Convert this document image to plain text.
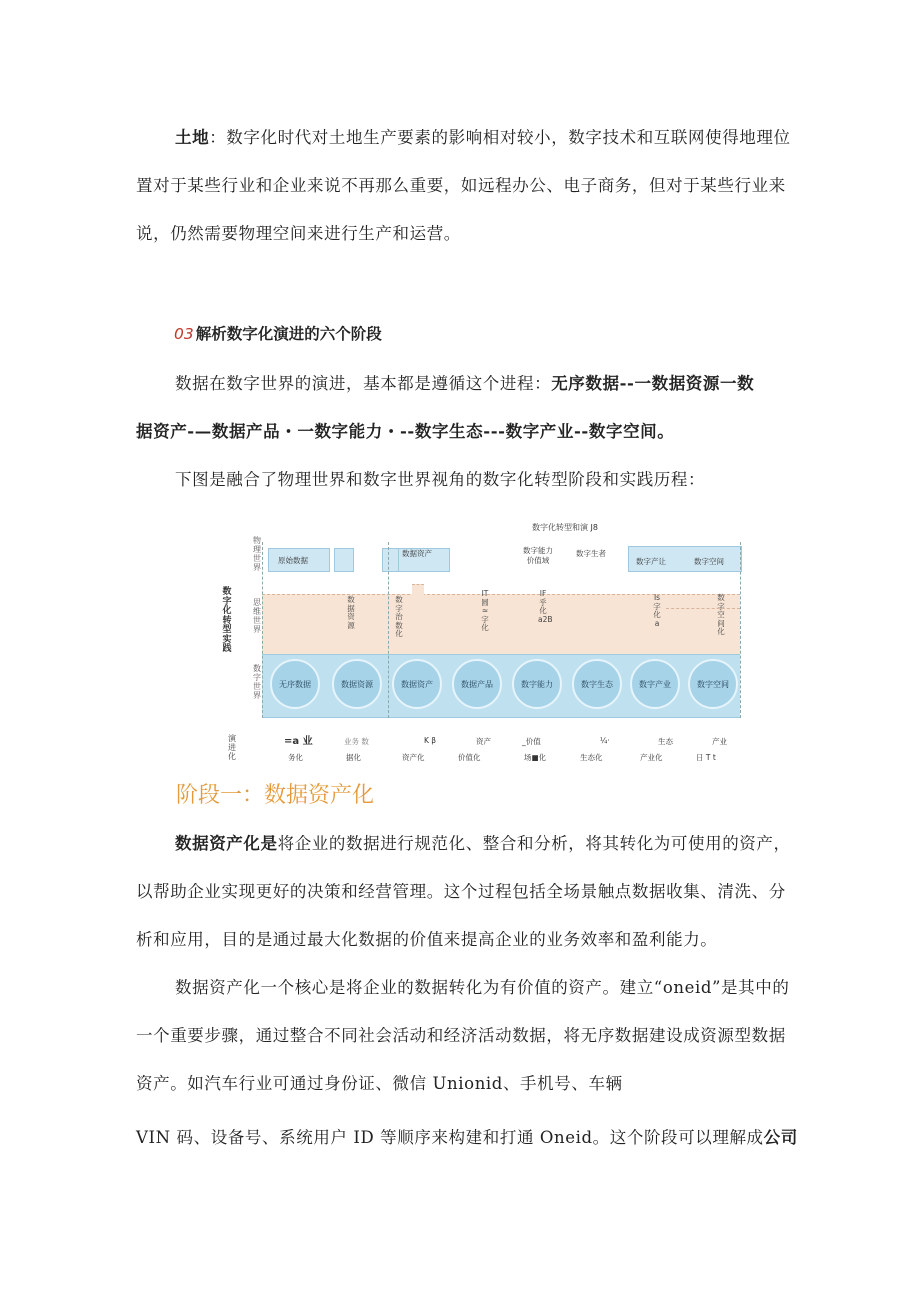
土地：数字化时代对土地生产要素的影响相对较小，数字技术和互联网使得地理位置对于某些行业和企业来说不再那么重要，如远程办公、电子商务，但对于某些行业来说，仍然需要物理空间来进行生产和运营。
03 解析数字化演进的六个阶段
数据在数字世界的演进，基本都是遵循这个进程：无序数据--一数据资源一数
据资产-—数据产品・一数字能力・--数字生态---数字产业--数字空间。
下图是融合了物理世界和数字世界视角的数字化转型阶段和实践历程：
数字化转型和演 J8
数字化转型实践
物理世界
思维世界
数字世界
原始数据
数据资产	数字能力价值域
数字生者
数字产让	数字空间
数据资源
数字治数化
IT 圆 ≈ 字化
IF 乎化 a2B
Is 字化 a
数字空间化
无序数据	数据资源	数据资产	数据产品	数字能力	数字生态	数字产业	数字空间
演进化
=a 业	业务 数	K β	资产	_价值	¼·	生态	产业
务化	据化	资产化	价值化	场■化	生态化	产业化	日 T t
阶段一：数据资产化
数据资产化是将企业的数据进行规范化、整合和分析，将其转化为可使用的资产，以帮助企业实现更好的决策和经营管理。这个过程包括全场景触点数据收集、清洗、分析和应用，目的是通过最大化数据的价值来提高企业的业务效率和盈利能力。
数据资产化一个核心是将企业的数据转化为有价值的资产。建立“oneid”是其中的一个重要步骤，通过整合不同社会活动和经济活动数据，将无序数据建设成资源型数据资产。如汽车行业可通过身份证、微信 Unionid、手机号、车辆
VIN 码、设备号、系统用户 ID 等顺序来构建和打通 Oneid。这个阶段可以理解成公司
